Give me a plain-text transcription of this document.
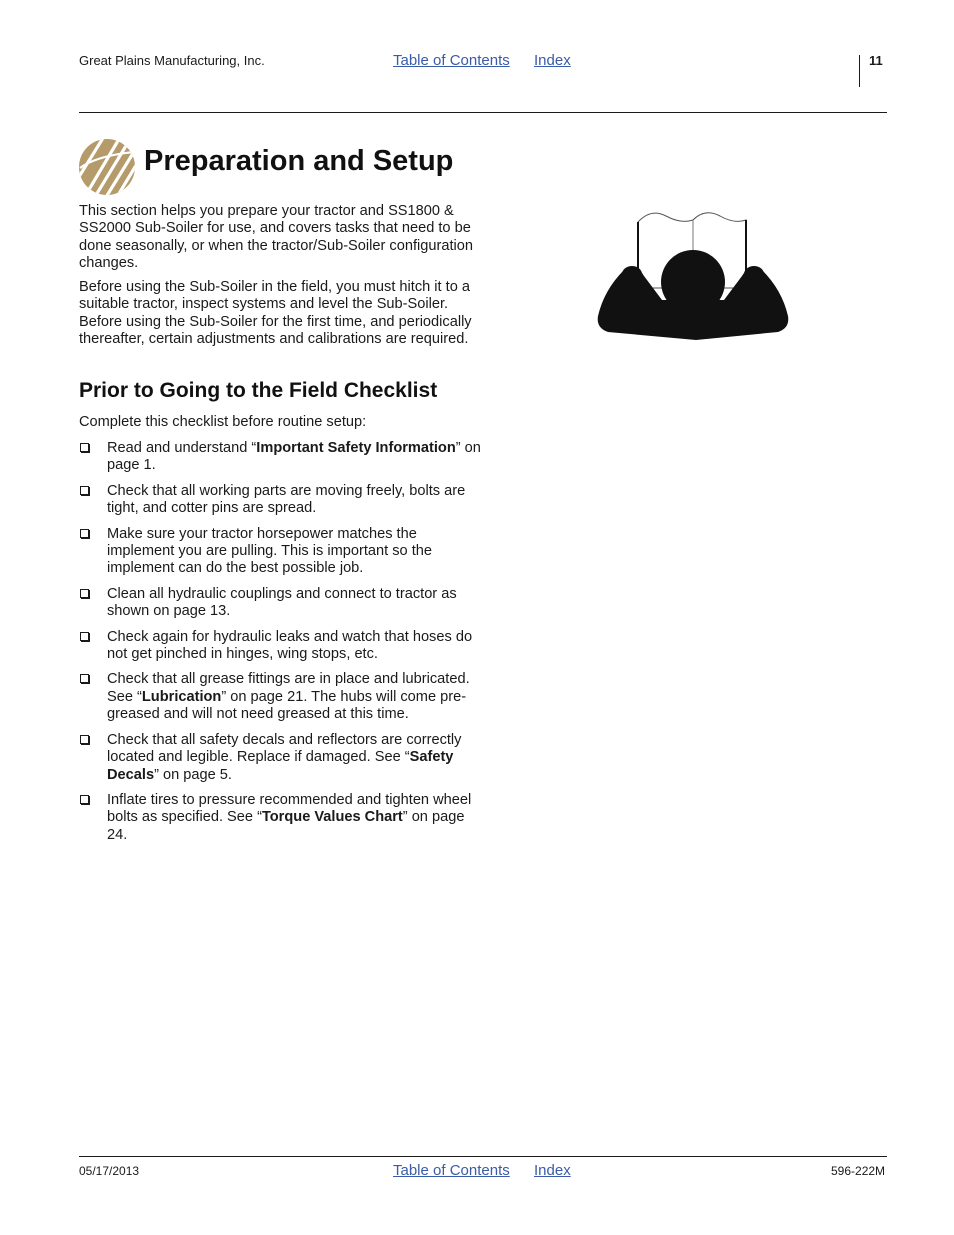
Great Plains Manufacturing, Inc.	Table of Contents Index	11
Preparation and Setup

This section helps you prepare your tractor and SS1800 & SS2000 Sub-Soiler for use, and covers tasks that need to be done seasonally, or when the tractor/Sub-Soiler configuration changes.

Before using the Sub-Soiler in the field, you must hitch it to a suitable tractor, inspect systems and level the Sub-Soiler. Before using the Sub-Soiler for the first time, and periodically thereafter, certain adjustments and calibrations are required.

Prior to Going to the Field Checklist
Complete this checklist before routine setup:
Read and understand “Important Safety Information” on page 1.
Check that all working parts are moving freely, bolts are tight, and cotter pins are spread.
Make sure your tractor horsepower matches the implement you are pulling. This is important so the implement can do the best possible job.
Clean all hydraulic couplings and connect to tractor as shown on page 13.
Check again for hydraulic leaks and watch that hoses do not get pinched in hinges, wing stops, etc.
Check that all grease fittings are in place and lubricated. See “Lubrication” on page 21. The hubs will come pre-greased and will not need greased at this time.
Check that all safety decals and reflectors are correctly located and legible. Replace if damaged. See “Safety Decals” on page 5.
Inflate tires to pressure recommended and tighten wheel bolts as specified. See “Torque Values Chart” on page 24.
05/17/2013	Table of Contents Index	596-222M
